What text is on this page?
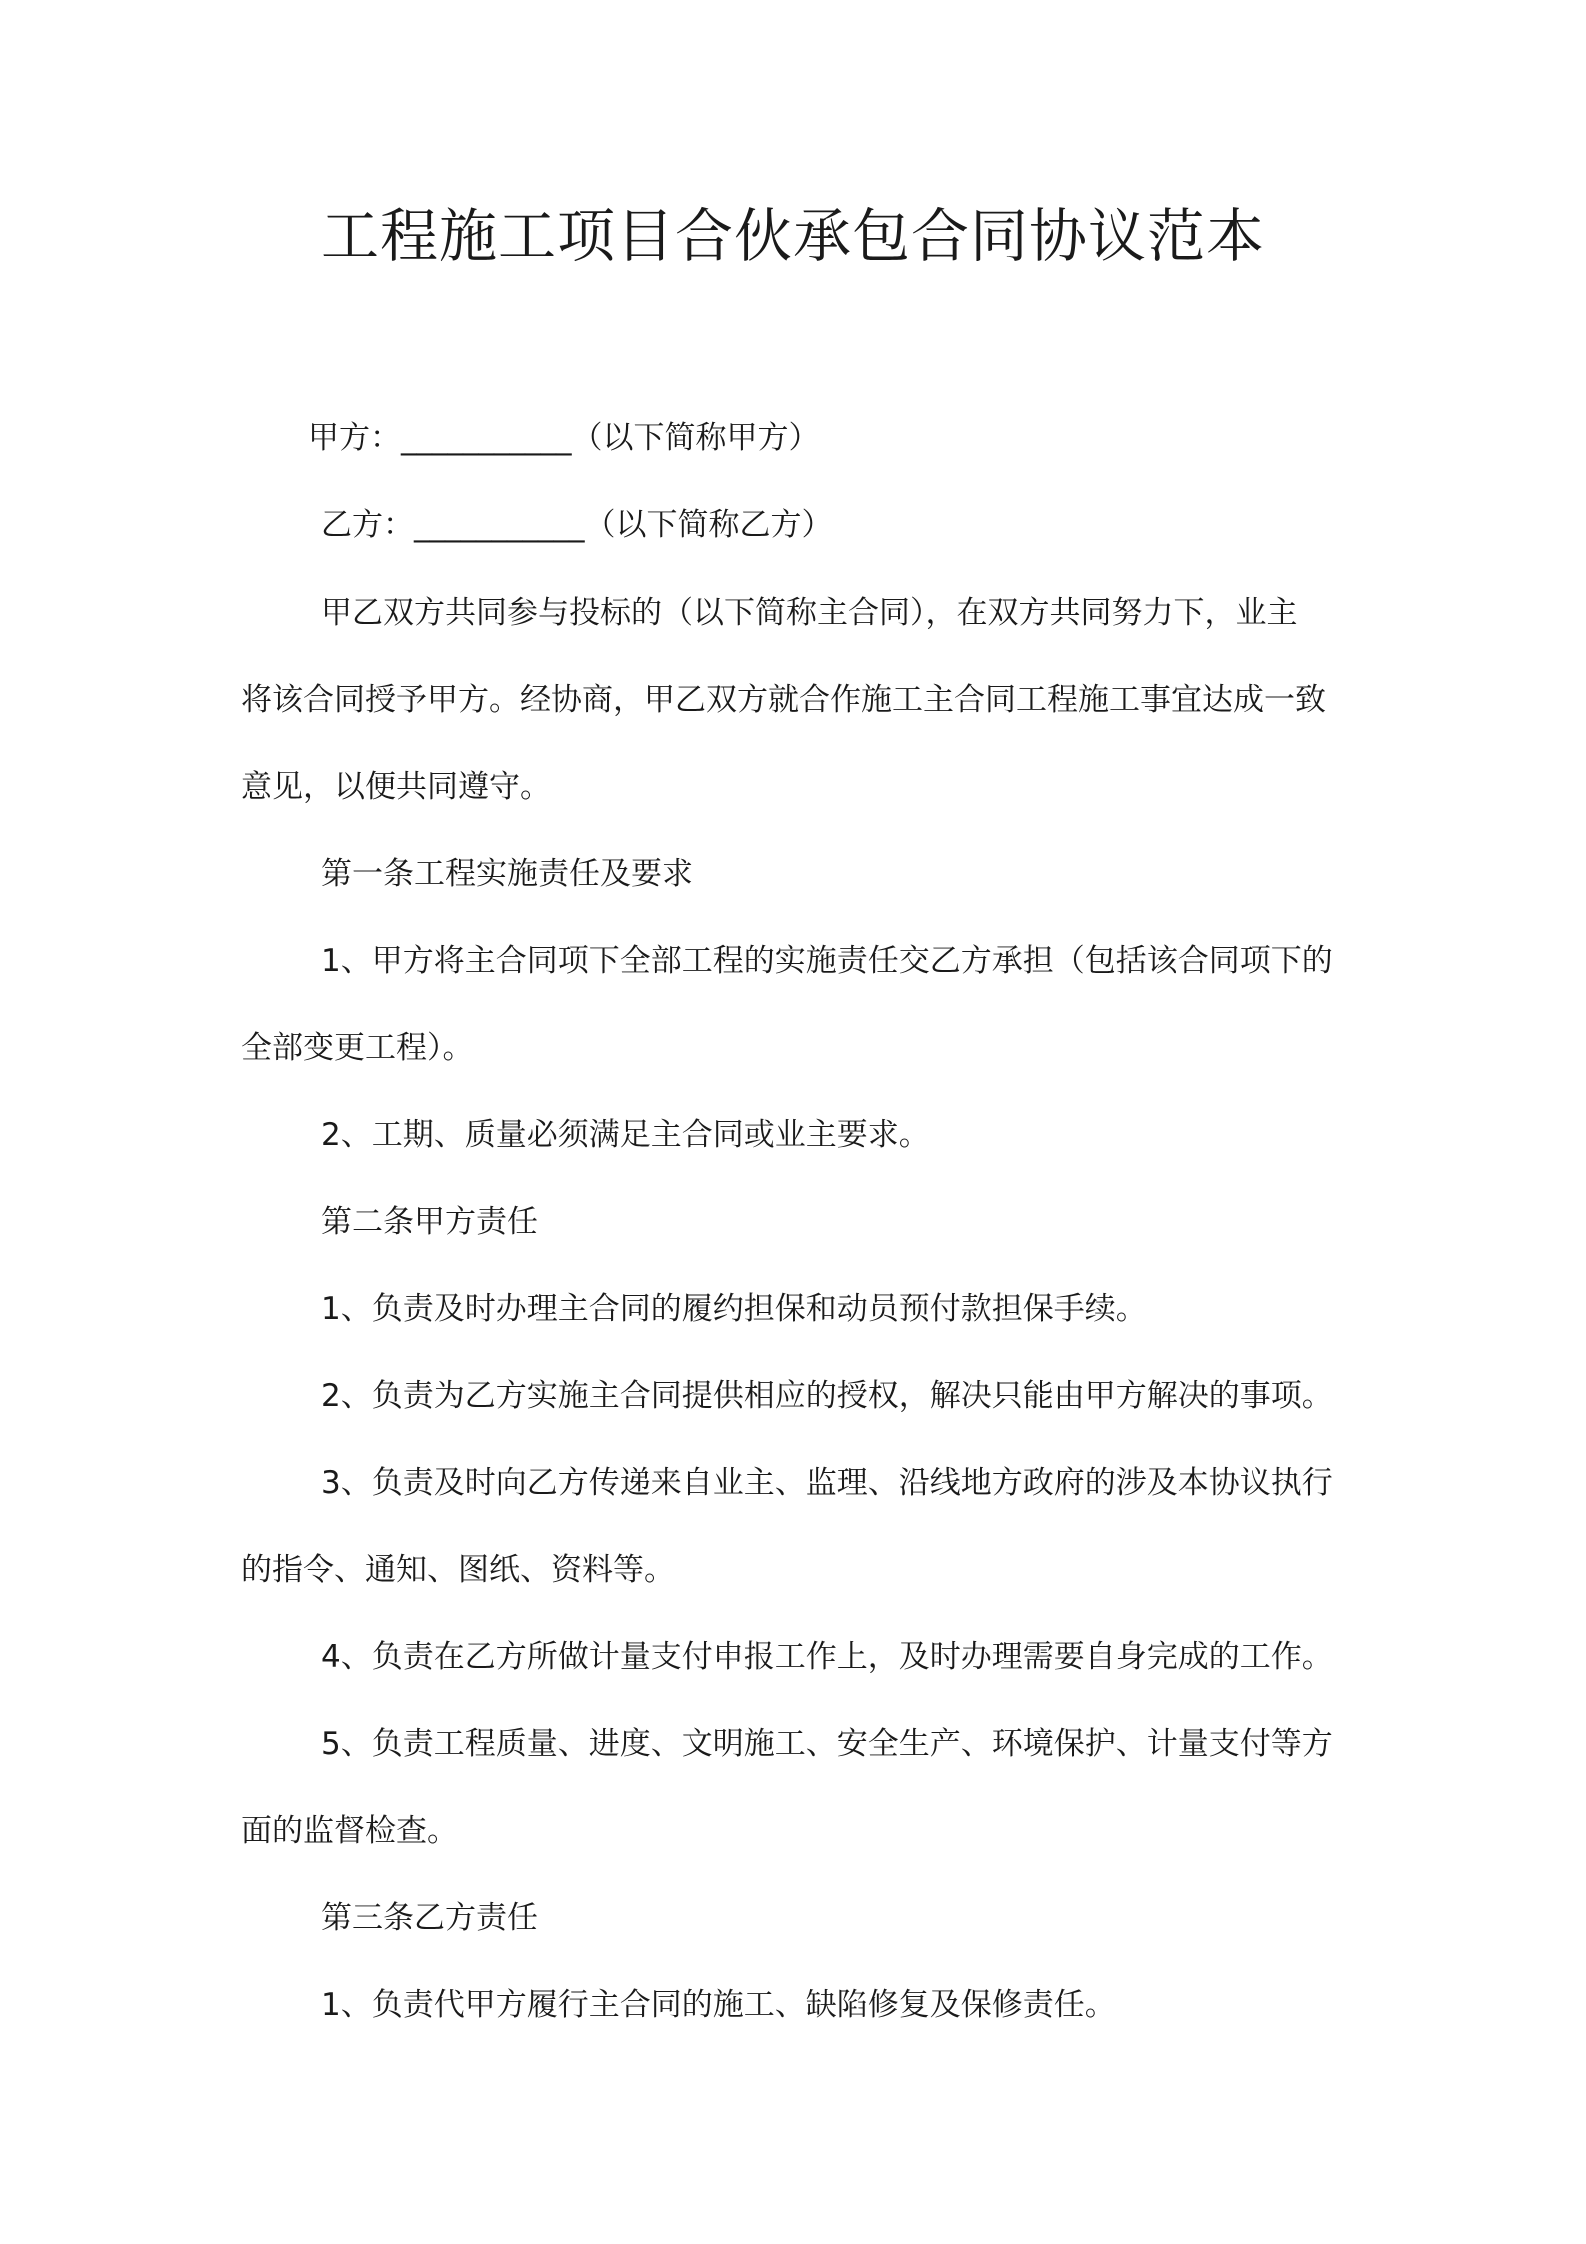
工程施工项目合伙承包合同协议范本

甲方：___________（以下简称甲方）

乙方：___________（以下简称乙方）

甲乙双方共同参与投标的（以下简称主合同），在双方共同努力下，业主
将该合同授予甲方。经协商，甲乙双方就合作施工主合同工程施工事宜达成一致
意见，以便共同遵守。

第一条工程实施责任及要求

1、甲方将主合同项下全部工程的实施责任交乙方承担（包括该合同项下的
全部变更工程）。

2、工期、质量必须满足主合同或业主要求。

第二条甲方责任

1、负责及时办理主合同的履约担保和动员预付款担保手续。

2、负责为乙方实施主合同提供相应的授权，解决只能由甲方解决的事项。

3、负责及时向乙方传递来自业主、监理、沿线地方政府的涉及本协议执行
的指令、通知、图纸、资料等。

4、负责在乙方所做计量支付申报工作上，及时办理需要自身完成的工作。

5、负责工程质量、进度、文明施工、安全生产、环境保护、计量支付等方
面的监督检查。

第三条乙方责任

1、负责代甲方履行主合同的施工、缺陷修复及保修责任。
